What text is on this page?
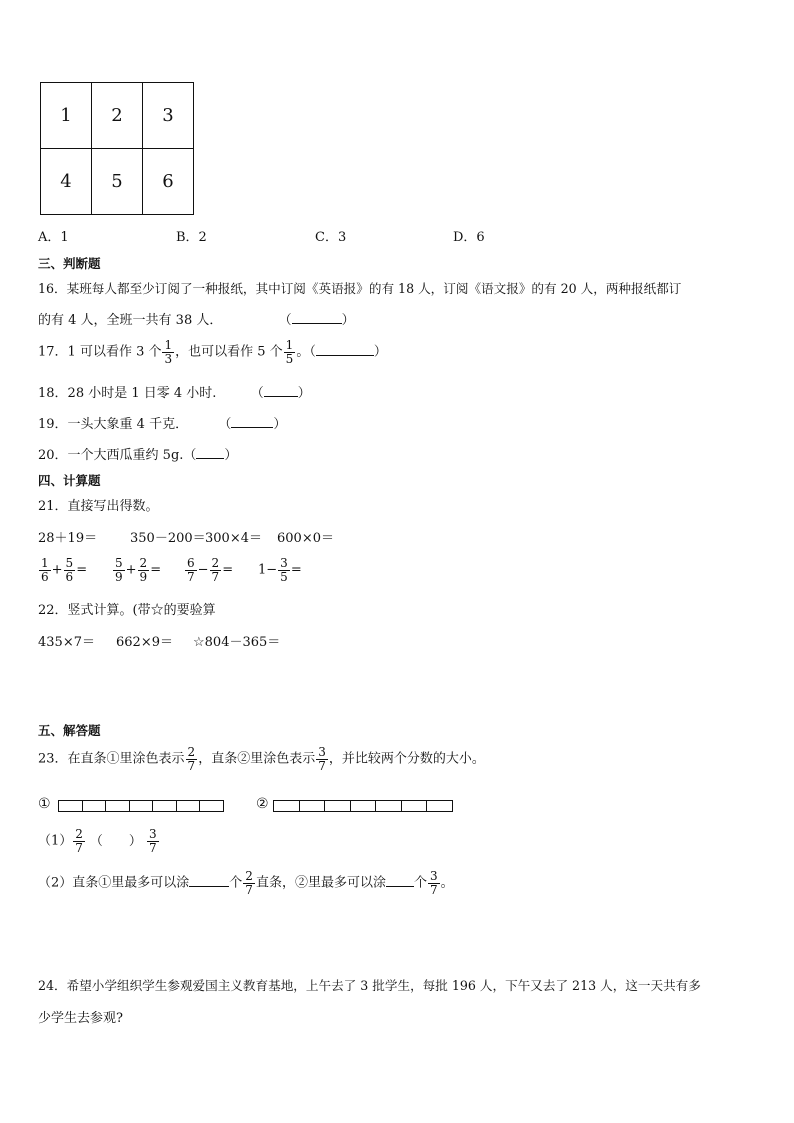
1	2	3
4	5	6
A．1	B．2	C．3	D．6
三、判断题
16．某班每人都至少订阅了一种报纸，其中订阅《英语报》的有 18 人，订阅《语文报》的有 20 人，两种报纸都订
的有 4 人，全班一共有 38 人．	（	）
17．1 可以看作 3 个 $\frac{1}{3}$ ，也可以看作 5 个 $\frac{1}{5}$ 。（	）
18．28 小时是 1 日零 4 小时.	（	）
19．一头大象重 4 千克． （	）
20．一个大西瓜重约 5g.（ ）
四、计算题
21．直接写出得数。
28＋19＝	350－200＝ 300×4＝ 600×0＝
$\frac{1}{6} + \frac{5}{6} = \frac{5}{9} + \frac{2}{9} = \frac{6}{7} - \frac{2}{7} = 1- \frac{3}{5}$ =
22．竖式计算。(带☆的要验算
435×7＝ 662×9＝ ☆804－365＝
五、解答题
23．在直条①里涂色表示 $\frac{2}{7}$ ，直条②里涂色表示 $\frac{3}{7}$ ，并比较两个分数的大小。
①	②
$(1) \frac{2}{7}$ （　　） $\frac{3}{7}$
（2）直条①里最多可以涂	个 $\frac{2}{7}$ 直条，②里最多可以涂 个 $\frac{3}{7}$ 。
24．希望小学组织学生参观爱国主义教育基地，上午去了 3 批学生，每批 196 人，下午又去了 213 人，这一天共有多
少学生去参观?
